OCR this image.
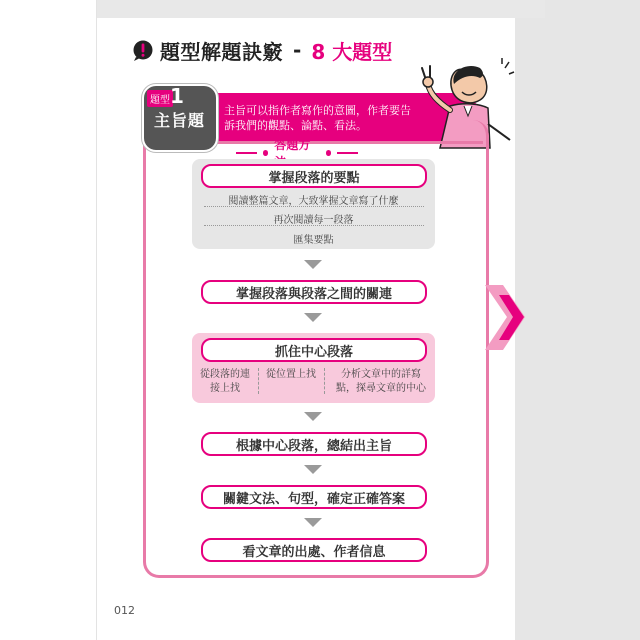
題型解題訣竅 - 8 大題型
主旨可以指作者寫作的意圖，作者要告訴我們的觀點、論點、看法。
題型 1
主旨題
答題方
掌握段落的要點
閱讀整篇文章，大致掌握文章寫了什麼
再次閱讀每一段落
匯集要點
掌握段落與段落之間的關連
抓住中心段落
從段落的連接上找
從位置上找	分析文章中的詳寫點，探尋文章的中心
根據中心段落，總結出主旨
關鍵文法、句型，確定正確答案
看文章的出處、作者信息
012
